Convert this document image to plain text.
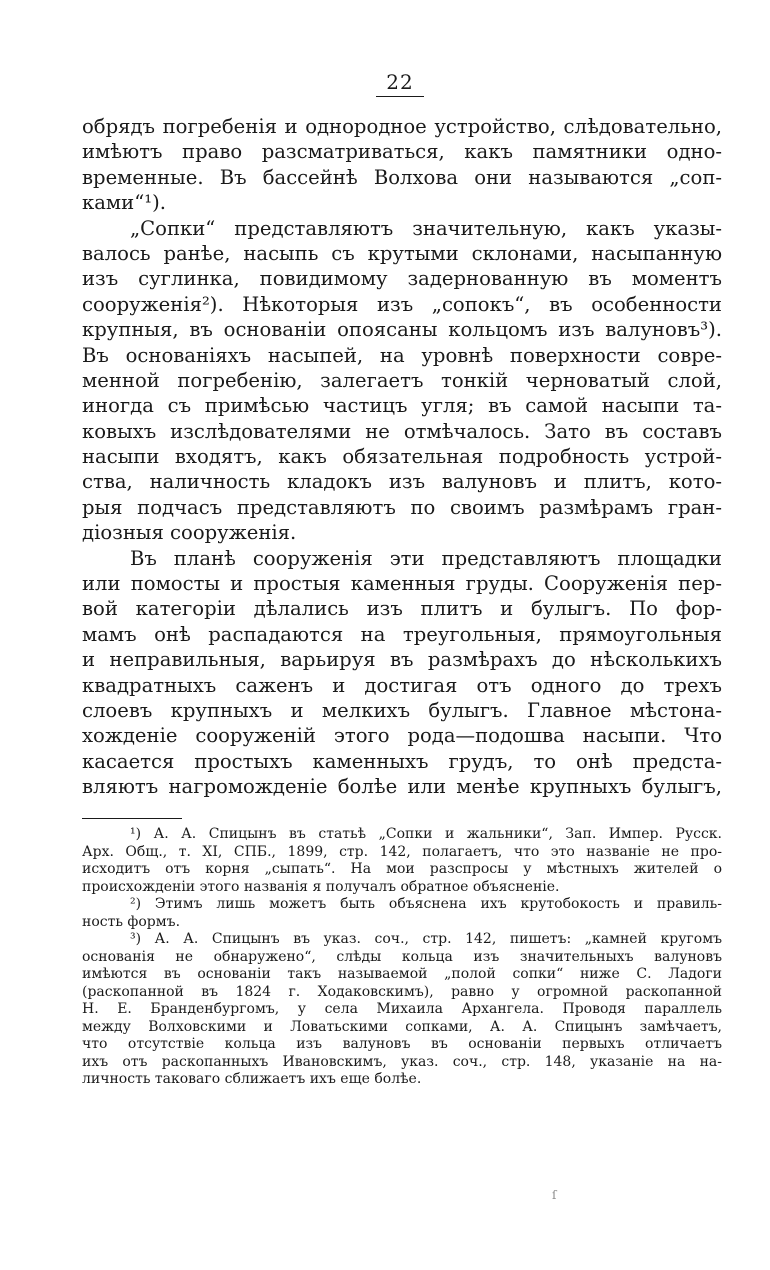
22
обрядъ погребенія и однородное устройство, слѣдовательно,
имѣютъ право разсматриваться, какъ памятники одно-
временные. Въ бассейнѣ Волхова они называются „соп-
ками“¹).
„Сопки“ представляютъ значительную, какъ указы-
валось ранѣе, насыпь съ крутыми склонами, насыпанную
изъ суглинка, повидимому задернованную въ моментъ
сооруженія²). Нѣкоторыя изъ „сопокъ“, въ особенности
крупныя, въ основаніи опоясаны кольцомъ изъ валуновъ³).
Въ основаніяхъ насыпей, на уровнѣ поверхности совре-
менной погребенію, залегаетъ тонкій черноватый слой,
иногда съ примѣсью частицъ угля; въ самой насыпи та-
ковыхъ изслѣдователями не отмѣчалось. Зато въ составъ
насыпи входятъ, какъ обязательная подробность устрой-
ства, наличность кладокъ изъ валуновъ и плитъ, кото-
рыя подчасъ представляютъ по своимъ размѣрамъ гран-
діозныя сооруженія.
Въ планѣ сооруженія эти представляютъ площадки
или помосты и простыя каменныя груды. Сооруженія пер-
вой категоріи дѣлались изъ плитъ и булыгъ. По фор-
мамъ онѣ распадаются на треугольныя, прямоугольныя
и неправильныя, варьируя въ размѣрахъ до нѣсколькихъ
квадратныхъ саженъ и достигая отъ одного до трехъ
слоевъ крупныхъ и мелкихъ булыгъ. Главное мѣстона-
хожденіе сооруженій этого рода—подошва насыпи. Что
касается простыхъ каменныхъ грудъ, то онѣ предста-
вляютъ нагроможденіе болѣе или менѣе крупныхъ булыгъ,
¹) А. А. Спицынъ въ статьѣ „Сопки и жальники“, Зап. Импер. Русск.
Арх. Общ., т. XI, СПБ., 1899, стр. 142, полагаетъ, что это названіе не про-
исходитъ отъ корня „сыпать“. На мои разспросы у мѣстныхъ жителей о
происхожденіи этого названія я получалъ обратное объясненіе.
²) Этимъ лишь можетъ быть объяснена ихъ крутобокость и правиль-
ность формъ.
³) А. А. Спицынъ въ указ. соч., стр. 142, пишетъ: „камней кругомъ
основанія не обнаружено“, слѣды кольца изъ значительныхъ валуновъ
имѣются въ основаніи такъ называемой „полой сопки“ ниже С. Ладоги
(раскопанной въ 1824 г. Ходаковскимъ), равно у огромной раскопанной
Н. Е. Бранденбургомъ, у села Михаила Архангела. Проводя параллель
между Волховскими и Ловатьскими сопками, А. А. Спицынъ замѣчаетъ,
что отсутствіе кольца изъ валуновъ въ основаніи первыхъ отличаетъ
ихъ отъ раскопанныхъ Ивановскимъ, указ. соч., стр. 148, указаніе на на-
личность таковаго сближаетъ ихъ еще болѣе.
ſ
